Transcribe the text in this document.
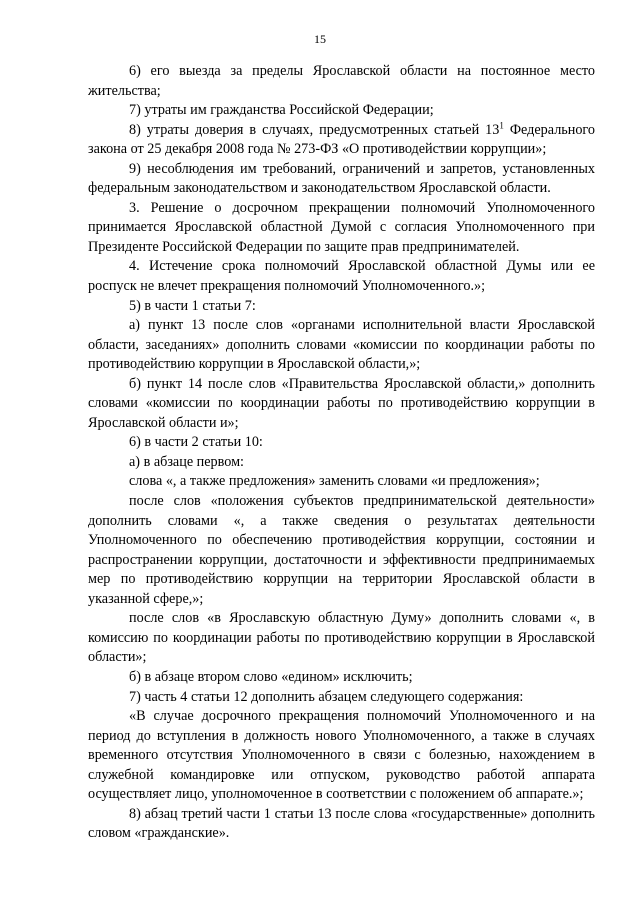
15

6) его выезда за пределы Ярославской области на постоянное место жительства;

7) утраты им гражданства Российской Федерации;

8) утраты доверия в случаях, предусмотренных статьей $13^1$ Федерального закона от 25 декабря 2008 года № 273-ФЗ «О противодействии коррупции»;

9) несоблюдения им требований, ограничений и запретов, установленных федеральным законодательством и законодательством Ярославской области.

3. Решение о досрочном прекращении полномочий Уполномоченного принимается Ярославской областной Думой с согласия Уполномоченного при Президенте Российской Федерации по защите прав предпринимателей.

4. Истечение срока полномочий Ярославской областной Думы или ее роспуск не влечет прекращения полномочий Уполномоченного.»;

5) в части 1 статьи 7:

а) пункт 13 после слов «органами исполнительной власти Ярославской области, заседаниях» дополнить словами «комиссии по координации работы по противодействию коррупции в Ярославской области,»;

б) пункт 14 после слов «Правительства Ярославской области,» дополнить словами «комиссии по координации работы по противодействию коррупции в Ярославской области и»;

6) в части 2 статьи 10:

а) в абзаце первом:

слова «, а также предложения» заменить словами «и предложения»;

после слов «положения субъектов предпринимательской деятельности» дополнить словами «, а также сведения о результатах деятельности Уполномоченного по обеспечению противодействия коррупции, состоянии и распространении коррупции, достаточности и эффективности предпринимаемых мер по противодействию коррупции на территории Ярославской области в указанной сфере,»;

после слов «в Ярославскую областную Думу» дополнить словами «, в комиссию по координации работы по противодействию коррупции в Ярославской области»;

б) в абзаце втором слово «едином» исключить;

7) часть 4 статьи 12 дополнить абзацем следующего содержания:

«В случае досрочного прекращения полномочий Уполномоченного и на период до вступления в должность нового Уполномоченного, а также в случаях временного отсутствия Уполномоченного в связи с болезнью, нахождением в служебной командировке или отпуском, руководство работой аппарата осуществляет лицо, уполномоченное в соответствии с положением об аппарате.»;

8) абзац третий части 1 статьи 13 после слова «государственные» дополнить словом «гражданские».
